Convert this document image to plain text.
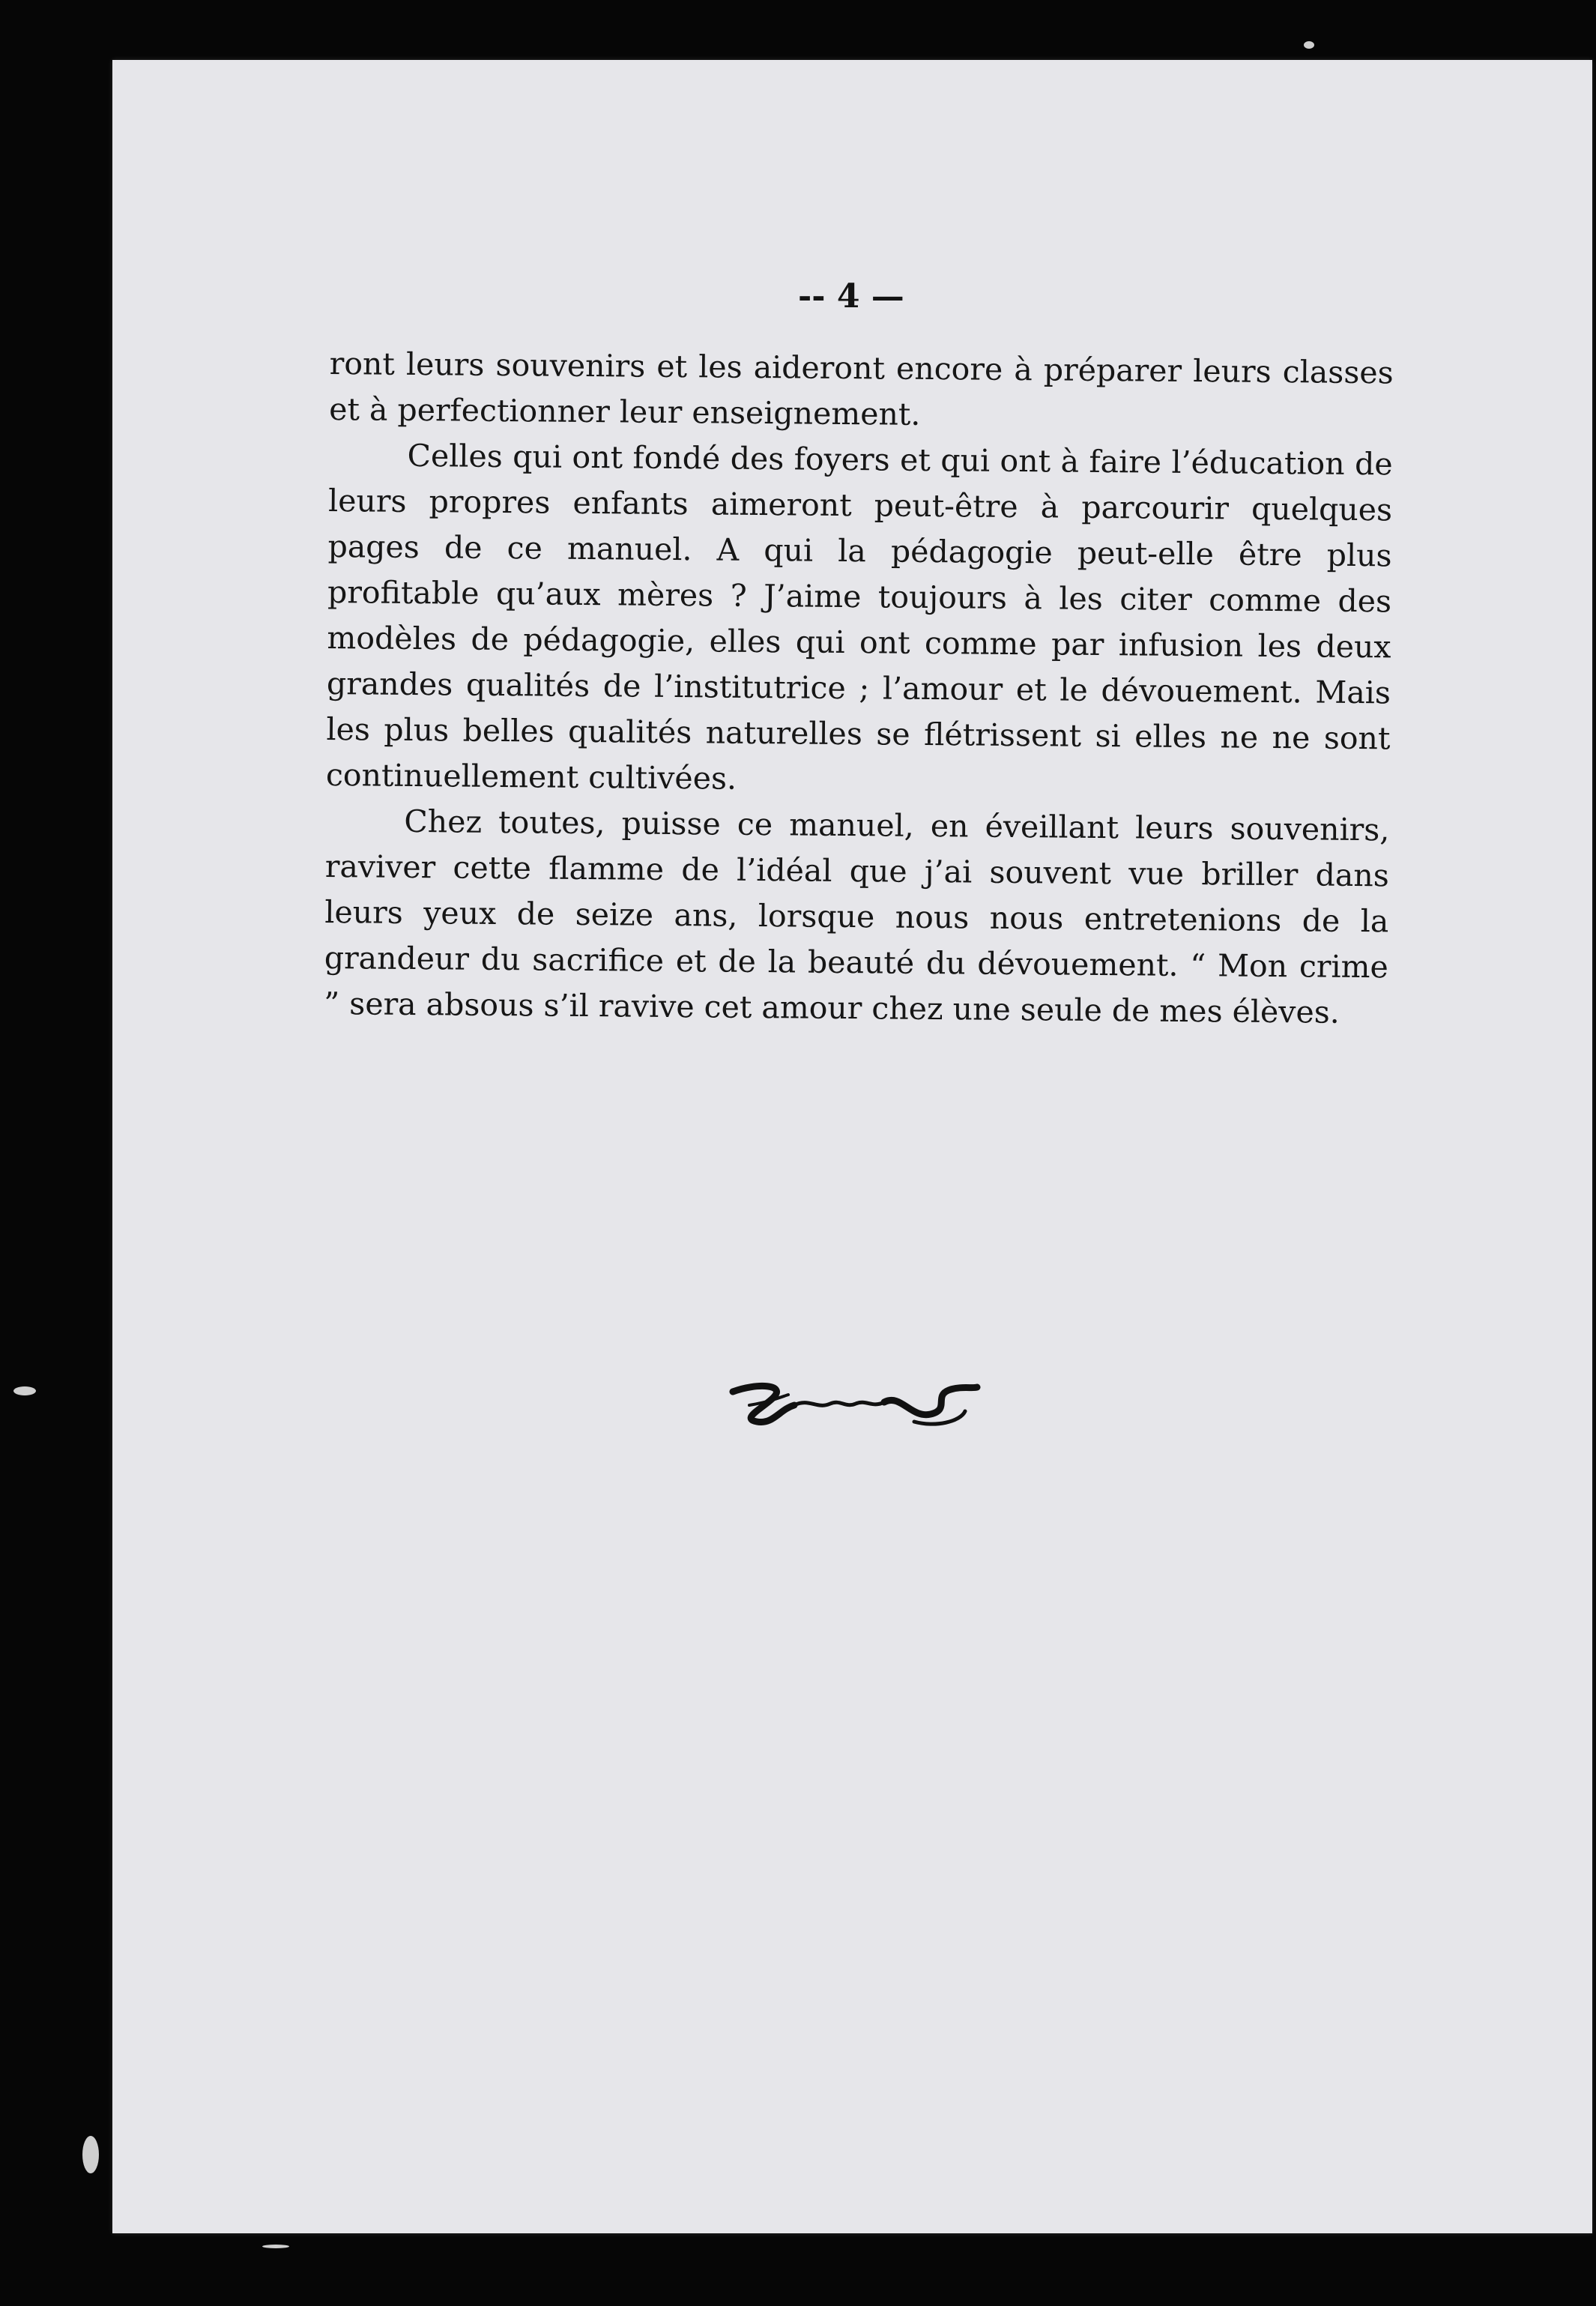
-- 4 —

ront leurs souvenirs et les aideront encore à préparer leurs classes et à perfectionner leur enseignement.

Celles qui ont fondé des foyers et qui ont à faire l’éducation de leurs propres enfants aimeront peut-être à parcourir quelques pages de ce manuel. A qui la pédagogie peut-elle être plus profitable qu’aux mères ? J’aime toujours à les citer comme des modèles de pédagogie, elles qui ont comme par infusion les deux grandes qualités de l’institutrice ; l’amour et le dévouement. Mais les plus belles qualités naturelles se flétrissent si elles ne ne sont continuellement cultivées.

Chez toutes, puisse ce manuel, en éveillant leurs souvenirs, raviver cette flamme de l’idéal que j’ai souvent vue briller dans leurs yeux de seize ans, lorsque nous nous entretenions de la grandeur du sacrifice et de la beauté du dévouement. “ Mon crime ” sera absous s’il ravive cet amour chez une seule de mes élèves.
